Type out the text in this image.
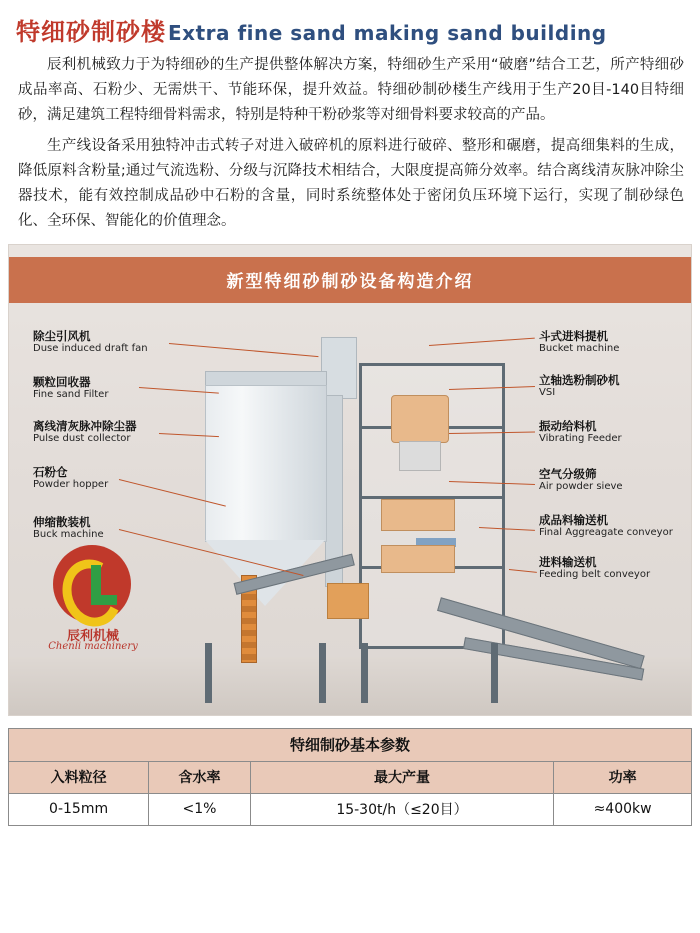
特细砂制砂楼 Extra fine sand making sand building

辰利机械致力于为特细砂的生产提供整体解决方案，特细砂生产采用“破磨”结合工艺，所产特细砂成品率高、石粉少、无需烘干、节能环保，提升效益。特细砂制砂楼生产线用于生产20目-140目特细砂，满足建筑工程特细骨料需求，特别是特种干粉砂浆等对细骨料要求较高的产品。

生产线设备采用独特冲击式转子对进入破碎机的原料进行破碎、整形和碾磨，提高细集料的生成，降低原料含粉量;通过气流选粉、分级与沉降技术相结合，大限度提高筛分效率。结合离线清灰脉冲除尘器技术，能有效控制成品砂中石粉的含量，同时系统整体处于密闭负压环境下运行，实现了制砂绿色化、全环保、智能化的价值理念。

新型特细砂制砂设备构造介绍
除尘引风机
Duse induced draft fan
颗粒回收器
Fine sand Filter
离线清灰脉冲除尘器
Pulse dust collector
石粉仓
Powder hopper
伸缩散装机
Buck machine
斗式进料提机
Bucket machine
立轴选粉制砂机
VSI
振动给料机
Vibrating Feeder
空气分级筛
Air powder sieve
成品料输送机
Final Aggreagate conveyor
进料输送机
Feeding belt conveyor
辰利机械
Chenli machinery
特细制砂基本参数			
入料粒径	含水率	最大产量	功率
0-15mm	<1%	15-30t/h（≤20目）	≈400kw
